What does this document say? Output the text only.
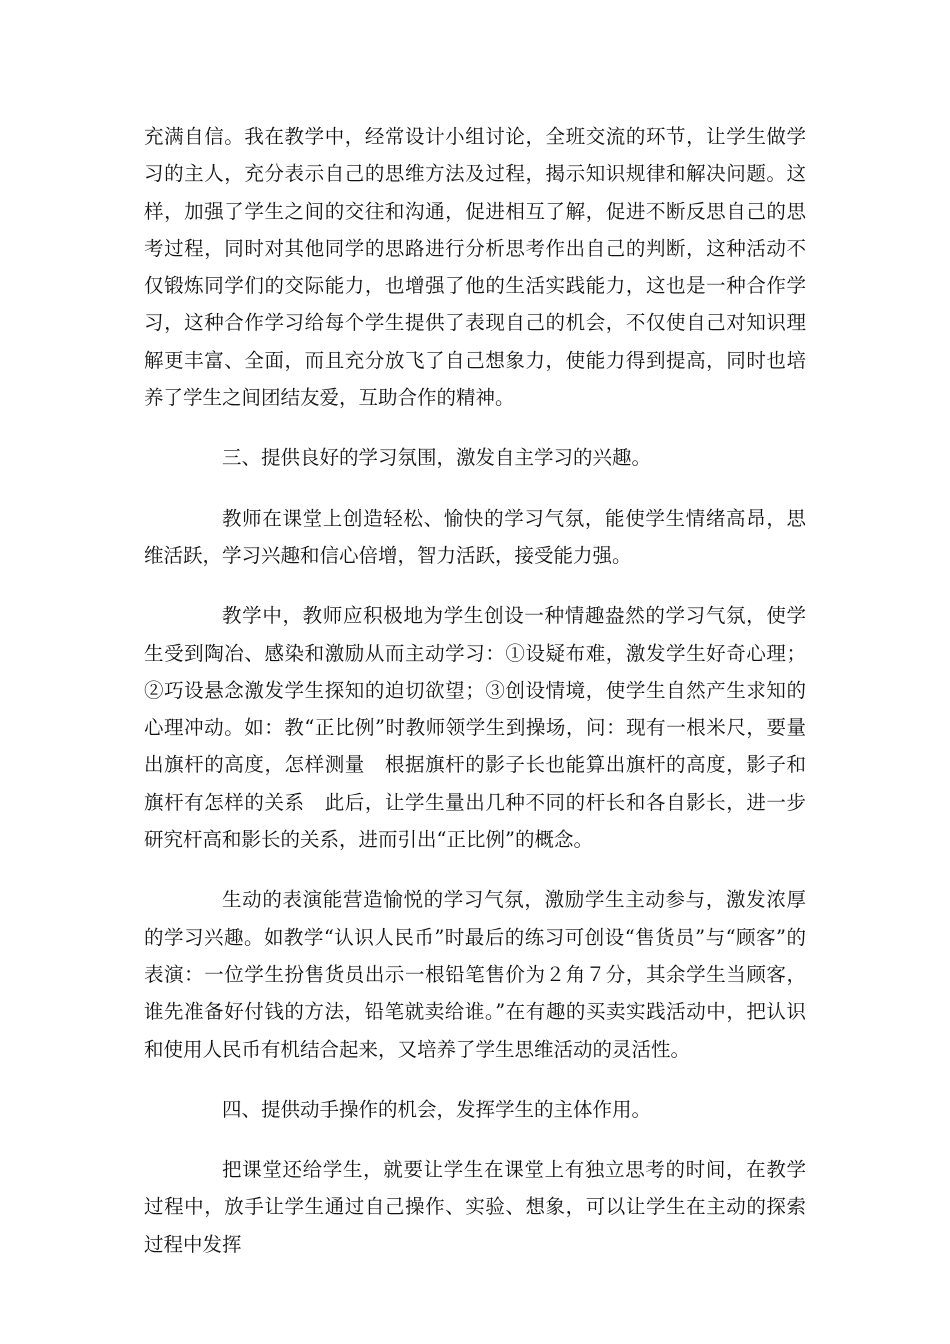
充满自信。我在教学中，经常设计小组讨论，全班交流的环节，让学生做学习的主人，充分表示自己的思维方法及过程，揭示知识规律和解决问题。这样，加强了学生之间的交往和沟通，促进相互了解，促进不断反思自己的思考过程，同时对其他同学的思路进行分析思考作出自己的判断，这种活动不仅锻炼同学们的交际能力，也增强了他的生活实践能力，这也是一种合作学习，这种合作学习给每个学生提供了表现自己的机会，不仅使自己对知识理解更丰富、全面，而且充分放飞了自己想象力，使能力得到提高，同时也培养了学生之间团结友爱，互助合作的精神。

三、提供良好的学习氛围，激发自主学习的兴趣。

教师在课堂上创造轻松、愉快的学习气氛，能使学生情绪高昂，思维活跃，学习兴趣和信心倍增，智力活跃，接受能力强。

教学中，教师应积极地为学生创设一种情趣盎然的学习气氛，使学生受到陶冶、感染和激励从而主动学习：①设疑布难，激发学生好奇心理；②巧设悬念激发学生探知的迫切欲望；③创设情境，使学生自然产生求知的心理冲动。如：教“正比例”时教师领学生到操场，问：现有一根米尺，要量出旗杆的高度，怎样测量　根据旗杆的影子长也能算出旗杆的高度，影子和旗杆有怎样的关系　此后，让学生量出几种不同的杆长和各自影长，进一步研究杆高和影长的关系，进而引出“正比例”的概念。

生动的表演能营造愉悦的学习气氛，激励学生主动参与，激发浓厚的学习兴趣。如教学“认识人民币”时最后的练习可创设“售货员”与“顾客”的表演：一位学生扮售货员出示一根铅笔售价为２角７分，其余学生当顾客，谁先准备好付钱的方法，铅笔就卖给谁。”在有趣的买卖实践活动中，把认识和使用人民币有机结合起来，又培养了学生思维活动的灵活性。

四、提供动手操作的机会，发挥学生的主体作用。

把课堂还给学生，就要让学生在课堂上有独立思考的时间，在教学过程中，放手让学生通过自己操作、实验、想象，可以让学生在主动的探索过程中发挥
